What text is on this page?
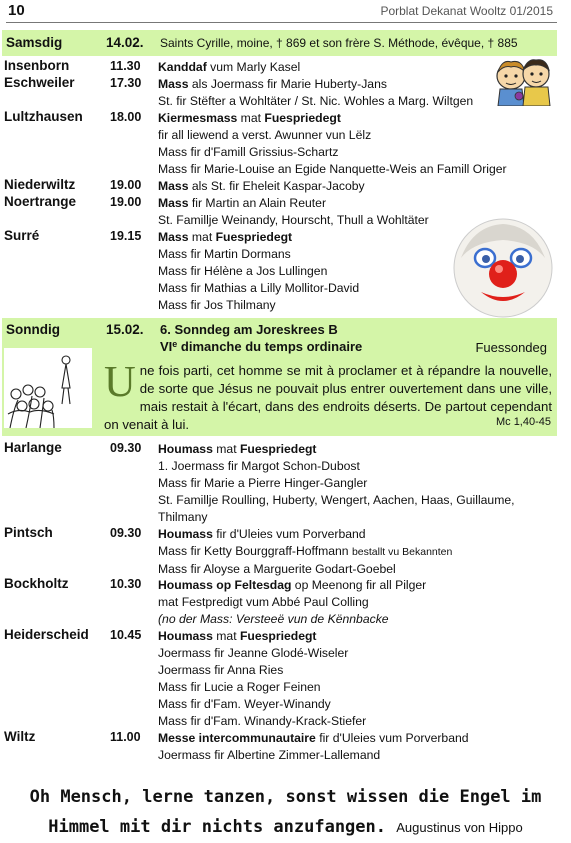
10	Porblat Dekanat Wooltz 01/2015
Samsdig	14.02. Saints Cyrille, moine, † 869 et son frère S. Méthode, évêque, † 885
Insenborn	11.30 Kanddaf vum Marly Kasel
Eschweiler	17.30 Mass als Joermass fir Marie Huberty-Jans
St. fir Stëfter a Wohltäter / St. Nic. Wohles a Marg. Wiltgen
Lultzhausen 18.00 Kiermesmass mat Fuespriedegt
fir all liewend a verst. Awunner vun Lëlz
Mass fir d'Famill Grissius-Schartz
Mass fir Marie-Louise an Egide Nanquette-Weis an Famill Origer
Niederwiltz	19.00 Mass als St. fir Eheleit Kaspar-Jacoby
Noertrange	19.00 Mass fir Martin an Alain Reuter
St. Famillje Weinandy, Hourscht, Thull a Wohltäter
Surré	19.15 Mass mat Fuespriedegt
Mass fir Martin Dormans
Mass fir Hélène a Jos Lullingen
Mass fir Mathias a Lilly Mollitor-David
Mass fir Jos Thilmany
Sonndig	15.02. 6. Sonndeg am Joreskrees B
VIe dimanche du temps ordinaire	Fuessondeg
Une fois parti, cet homme se mit à proclamer et à répandre la nouvelle, de sorte que Jésus ne pouvait plus entrer ouvertement dans une ville, mais restait à l'écart, dans des endroits déserts. De partout cependant on venait à lui.	Mc 1,40-45
Harlange	09.30 Houmass mat Fuespriedegt
1. Joermass fir Margot Schon-Dubost
Mass fir Marie a Pierre Hinger-Gangler
St. Famillje Roulling, Huberty, Wengert, Aachen, Haas, Guillaume,
Thilmany
Pintsch	09.30 Houmass fir d'Uleies vum Porverband
Mass fir Ketty Bourggraff-Hoffmann bestallt vu Bekannten
Mass fir Aloyse a Marguerite Godart-Goebel
Bockholtz	10.30 Houmass op Feltesdag op Meenong fir all Pilger
mat Festpredigt vum Abbé Paul Colling
(no der Mass: Versteeë vun de Kënnbacke
Heiderscheid 10.45 Houmass mat Fuespriedegt
Joermass fir Jeanne Glodé-Wiseler
Joermass fir Anna Ries
Mass fir Lucie a Roger Feinen
Mass fir d'Fam. Weyer-Winandy
Mass fir d'Fam. Winandy-Krack-Stiefer
Wiltz	11.00 Messe intercommunautaire fir d'Uleies vum Porverband
Joermass fir Albertine Zimmer-Lallemand
Oh Mensch, lerne tanzen, sonst wissen die Engel im
Himmel mit dir nichts anzufangen. Augustinus von Hippo
